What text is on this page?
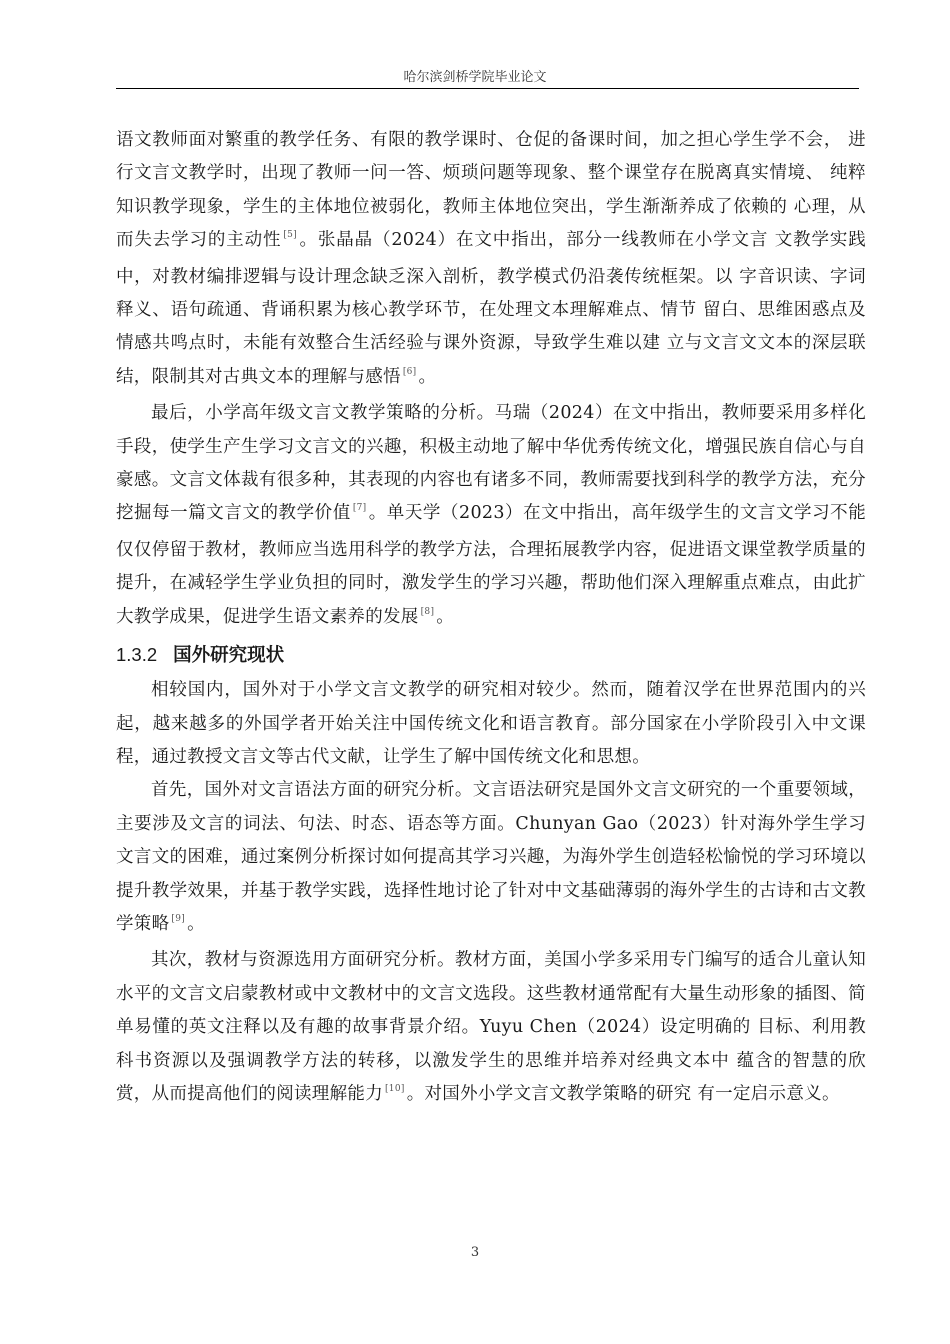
哈尔滨剑桥学院毕业论文

语文教师面对繁重的教学任务、有限的教学课时、仓促的备课时间，加之担心学生学不会， 进行文言文教学时，出现了教师一问一答、烦琐问题等现象、整个课堂存在脱离真实情境、 纯粹知识教学现象，学生的主体地位被弱化，教师主体地位突出，学生渐渐养成了依赖的 心理，从而失去学习的主动性 [5] 。张晶晶（2024）在文中指出，部分一线教师在小学文言 文教学实践中，对教材编排逻辑与设计理念缺乏深入剖析，教学模式仍沿袭传统框架。以 字音识读、字词释义、语句疏通、背诵积累为核心教学环节，在处理文本理解难点、情节 留白、思维困惑点及情感共鸣点时，未能有效整合生活经验与课外资源，导致学生难以建 立与文言文文本的深层联结，限制其对古典文本的理解与感悟 [6] 。

最后，小学高年级文言文教学策略的分析。马瑞（2024）在文中指出，教师要采用多样化手段，使学生产生学习文言文的兴趣，积极主动地了解中华优秀传统文化，增强民族自信心与自豪感。文言文体裁有很多种，其表现的内容也有诸多不同，教师需要找到科学的教学方法，充分挖掘每一篇文言文的教学价值 [7] 。单天学（2023）在文中指出，高年级学生的文言文学习不能仅仅停留于教材，教师应当选用科学的教学方法，合理拓展教学内容，促进语文课堂教学质量的提升，在减轻学生学业负担的同时，激发学生的学习兴趣，帮助他们深入理解重点难点，由此扩大教学成果，促进学生语文素养的发展 [8] 。

1.3.2 国外研究现状

相较国内，国外对于小学文言文教学的研究相对较少。然而，随着汉学在世界范围内的兴起，越来越多的外国学者开始关注中国传统文化和语言教育。部分国家在小学阶段引入中文课程，通过教授文言文等古代文献，让学生了解中国传统文化和思想。

首先，国外对文言语法方面的研究分析。文言语法研究是国外文言文研究的一个重要领域，主要涉及文言的词法、句法、时态、语态等方面。Chunyan Gao（2023）针对海外学生学习文言文的困难，通过案例分析探讨如何提高其学习兴趣，为海外学生创造轻松愉悦的学习环境以提升教学效果，并基于教学实践，选择性地讨论了针对中文基础薄弱的海外学生的古诗和古文教学策略 [9] 。

其次，教材与资源选用方面研究分析。教材方面，美国小学多采用专门编写的适合儿童认知水平的文言文启蒙教材或中文教材中的文言文选段。这些教材通常配有大量生动形象的插图、简单易懂的英文注释以及有趣的故事背景介绍。Yuyu Chen（2024）设定明确的 目标、利用教科书资源以及强调教学方法的转移，以激发学生的思维并培养对经典文本中 蕴含的智慧的欣赏，从而提高他们的阅读理解能力 [10] 。对国外小学文言文教学策略的研究 有一定启示意义。

3
